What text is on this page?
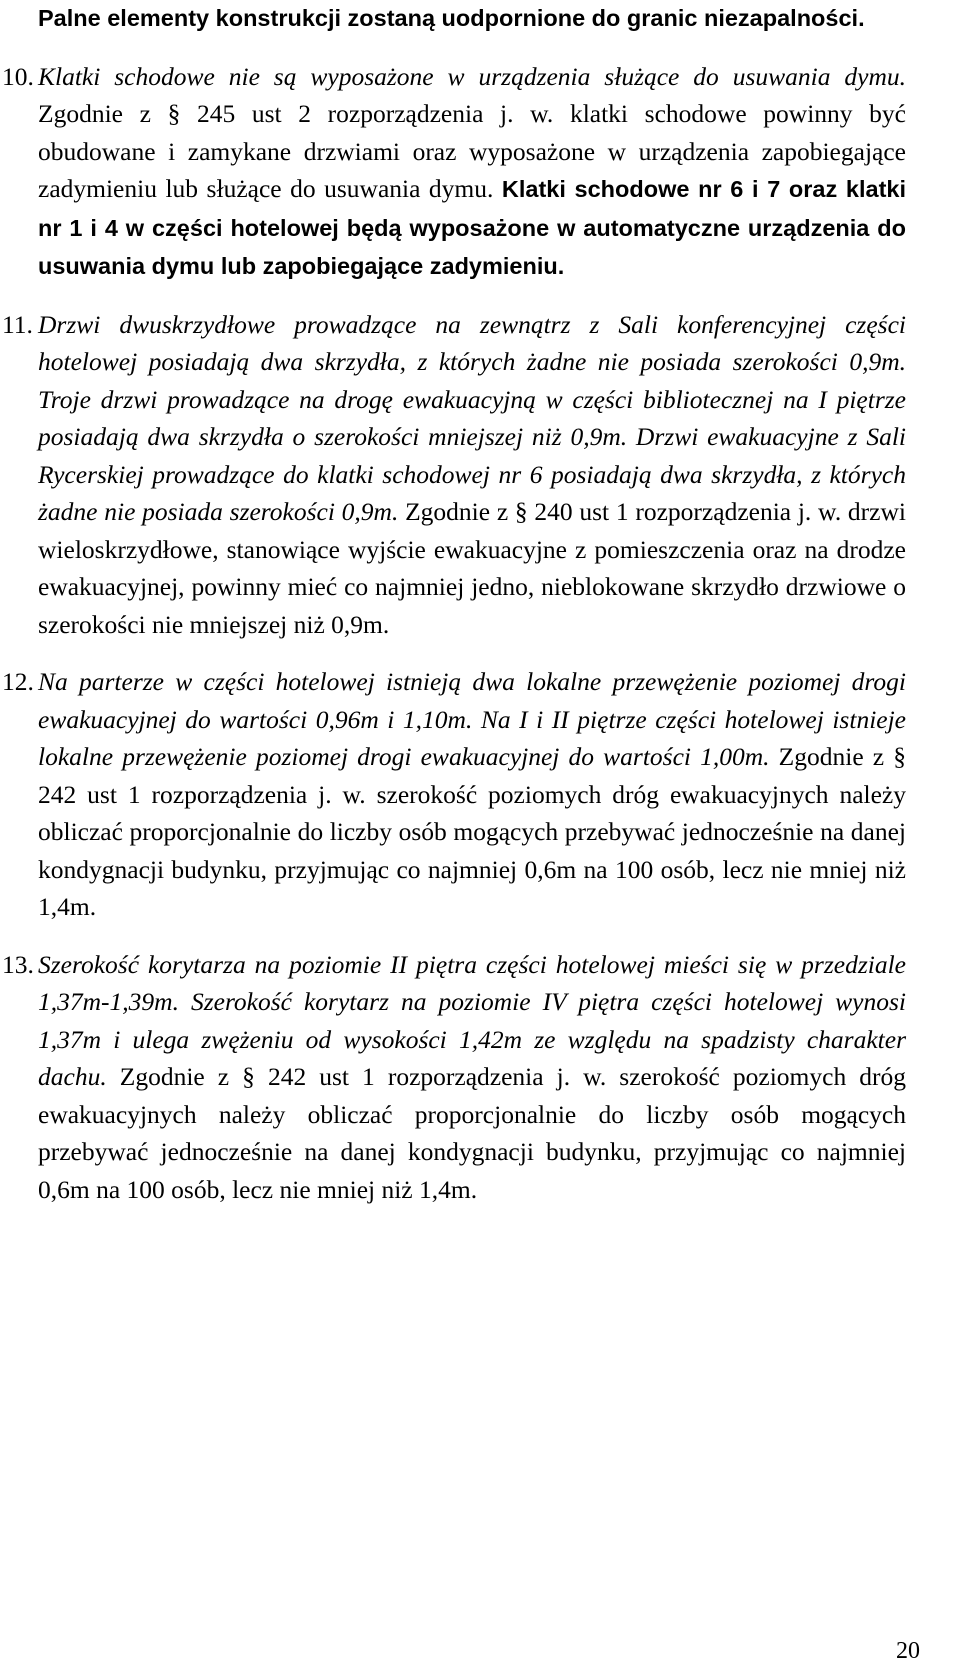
Palne elementy konstrukcji zostaną uodpornione do granic niezapalności.

10. Klatki schodowe nie są wyposażone w urządzenia służące do usuwania dymu. Zgodnie z § 245 ust 2 rozporządzenia j. w. klatki schodowe powinny być obudowane i zamykane drzwiami oraz wyposażone w urządzenia zapobiegające zadymieniu lub służące do usuwania dymu. Klatki schodowe nr 6 i 7 oraz klatki nr 1 i 4 w części hotelowej będą wyposażone w automatyczne urządzenia do usuwania dymu lub zapobiegające zadymieniu.

11. Drzwi dwuskrzydłowe prowadzące na zewnątrz z Sali konferencyjnej części hotelowej posiadają dwa skrzydła, z których żadne nie posiada szerokości 0,9m. Troje drzwi prowadzące na drogę ewakuacyjną w części bibliotecznej na I piętrze posiadają dwa skrzydła o szerokości mniejszej niż 0,9m. Drzwi ewakuacyjne z Sali Rycerskiej prowadzące do klatki schodowej nr 6 posiadają dwa skrzydła, z których żadne nie posiada szerokości 0,9m. Zgodnie z § 240 ust 1 rozporządzenia j. w. drzwi wieloskrzydłowe, stanowiące wyjście ewakuacyjne z pomieszczenia oraz na drodze ewakuacyjnej, powinny mieć co najmniej jedno, nieblokowane skrzydło drzwiowe o szerokości nie mniejszej niż 0,9m.

12. Na parterze w części hotelowej istnieją dwa lokalne przewężenie poziomej drogi ewakuacyjnej do wartości 0,96m i 1,10m. Na I i II piętrze części hotelowej istnieje lokalne przewężenie poziomej drogi ewakuacyjnej do wartości 1,00m. Zgodnie z § 242 ust 1 rozporządzenia j. w. szerokość poziomych dróg ewakuacyjnych należy obliczać proporcjonalnie do liczby osób mogących przebywać jednocześnie na danej kondygnacji budynku, przyjmując co najmniej 0,6m na 100 osób, lecz nie mniej niż 1,4m.

13. Szerokość korytarza na poziomie II piętra części hotelowej mieści się w przedziale 1,37m-1,39m. Szerokość korytarz na poziomie IV piętra części hotelowej wynosi 1,37m i ulega zwężeniu od wysokości 1,42m ze względu na spadzisty charakter dachu. Zgodnie z § 242 ust 1 rozporządzenia j. w. szerokość poziomych dróg ewakuacyjnych należy obliczać proporcjonalnie do liczby osób mogących przebywać jednocześnie na danej kondygnacji budynku, przyjmując co najmniej 0,6m na 100 osób, lecz nie mniej niż 1,4m.

20
